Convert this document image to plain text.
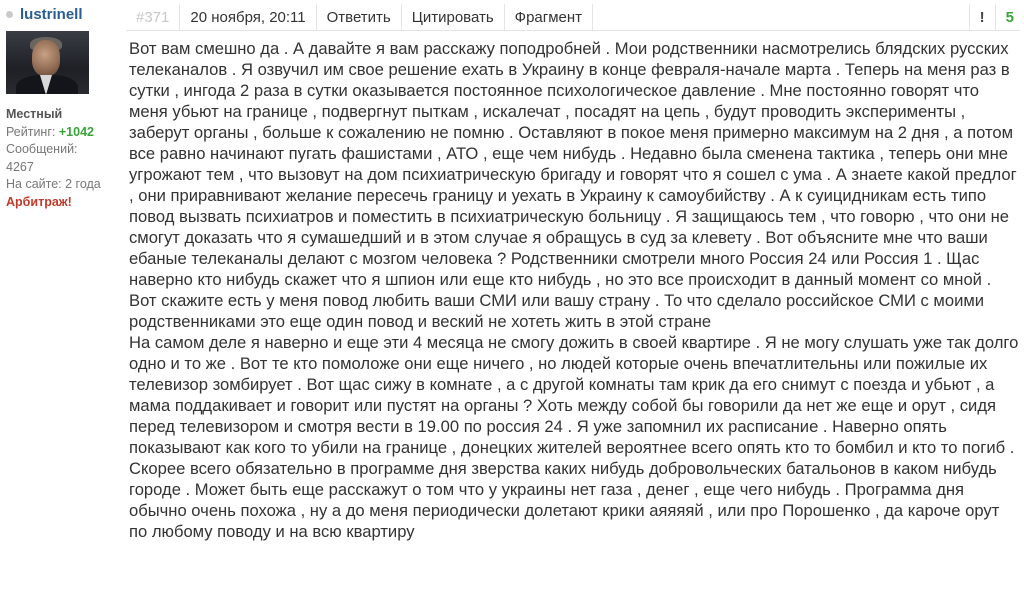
lustrinell
Местный
Рейтинг: +1042
Сообщений:
4267
На сайте: 2 года
Арбитраж!
#371	20 ноября, 20:11	Ответить	Цитировать	Фрагмент	!	5

Вот вам смешно да . А давайте я вам расскажу поподробней . Мои родственники насмотрелись блядских русских телеканалов . Я озвучил им свое решение ехать в Украину в конце февраля-начале марта . Теперь на меня раз в сутки , ингода 2 раза в сутки оказывается постоянное психологическое давление . Мне постоянно говорят что меня убьют на границе , подвергнут пыткам , искалечат , посадят на цепь , будут проводить эксперименты , заберут органы , больше к сожалению не помню . Оставляют в покое меня примерно максимум на 2 дня , а потом все равно начинают пугать фашистами , АТО , еще чем нибудь . Недавно была сменена тактика , теперь они мне угрожают тем , что вызовут на дом психиатрическую бригаду и говорят что я сошел с ума . А знаете какой предлог , они приравнивают желание пересечь границу и уехать в Украину к самоубийству . А к суицидникам есть типо повод вызвать психиатров и поместить в психиатрическую больницу . Я защищаюсь тем , что говорю , что они не смогут доказать что я сумашедший и в этом случае я обращусь в суд за клевету . Вот объясните мне что ваши ебаные телеканалы делают с мозгом человека ? Родственники смотрели много Россия 24 или Россия 1 . Щас наверно кто нибудь скажет что я шпион или еще кто нибудь , но это все происходит в данный момент со мной . Вот скажите есть у меня повод любить ваши СМИ или вашу страну . То что сделало российское СМИ с моими родственниками это еще один повод и веский не хотеть жить в этой стране

На самом деле я наверно и еще эти 4 месяца не смогу дожить в своей квартире . Я не могу слушать уже так долго одно и то же . Вот те кто помоложе они еще ничего , но людей которые очень впечатлительны или пожилые их телевизор зомбирует . Вот щас сижу в комнате , а с другой комнаты там крик да его снимут с поезда и убьют , а мама поддакивает и говорит или пустят на органы ? Хоть между собой бы говорили да нет же еще и орут , сидя перед телевизором и смотря вести в 19.00 по россия 24 . Я уже запомнил их расписание . Наверно опять показывают как кого то убили на границе , донецких жителей вероятнее всего опять кто то бомбил и кто то погиб . Скорее всего обязательно в программе дня зверства каких нибудь добровольческих батальонов в каком нибудь городе . Может быть еще расскажут о том что у украины нет газа , денег , еще чего нибудь . Программа дня обычно очень похожа , ну а до меня периодически долетают крики аяяяяй , или про Порошенко , да кароче орут по любому поводу и на всю квартиру
